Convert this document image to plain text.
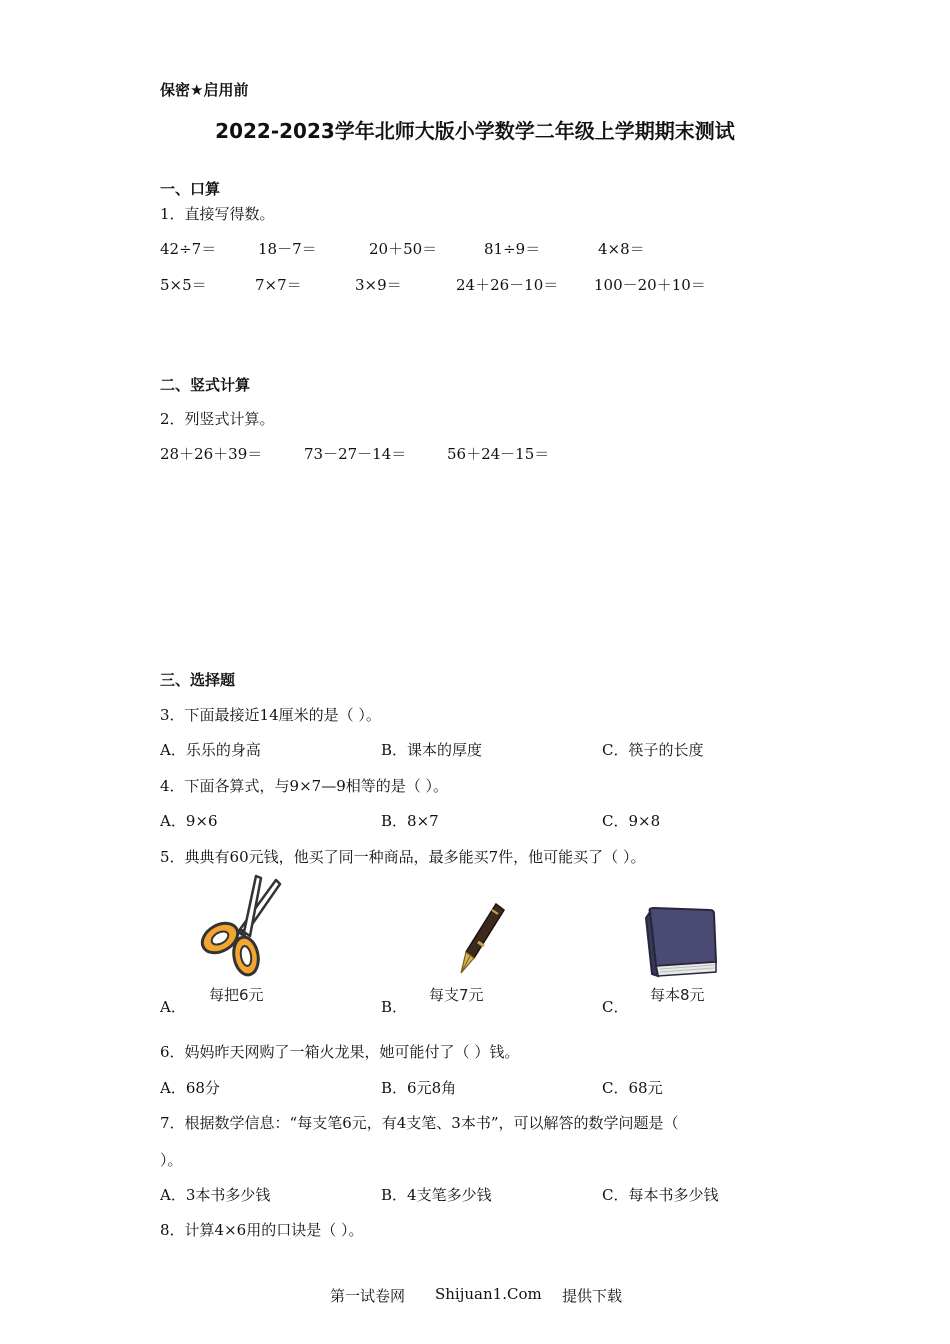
保密★启用前
2022-2023学年北师大版小学数学二年级上学期期末测试
一、口算
1．直接写得数。
42÷7＝	18－7＝	20＋50＝	81÷9＝	4×8＝
5×5＝	7×7＝	3×9＝	24＋26－10＝ 100－20＋10＝
二、竖式计算
2．列竖式计算。
28＋26＋39＝	73－27－14＝	56＋24－15＝
三、选择题
3．下面最接近14厘米的是（ ）。
A．乐乐的身高	B．课本的厚度	C．筷子的长度
4．下面各算式，与9×7—9相等的是（ ）。
A．9×6	B．8×7	C．9×8
5．典典有60元钱，他买了同一种商品，最多能买7件，他可能买了（ ）。
A．
每把6元
B．
每支7元
C．
每本8元
6．妈妈昨天网购了一箱火龙果，她可能付了（ ）钱。
A．68分	B．6元8角	C．68元
7．根据数学信息：“每支笔6元，有4支笔、3本书”，可以解答的数学问题是（
）。
A．3本书多少钱	B．4支笔多少钱	C．每本书多少钱
8．计算4×6用的口诀是（ ）。
第一试卷网 Shijuan1.Com 提供下载
